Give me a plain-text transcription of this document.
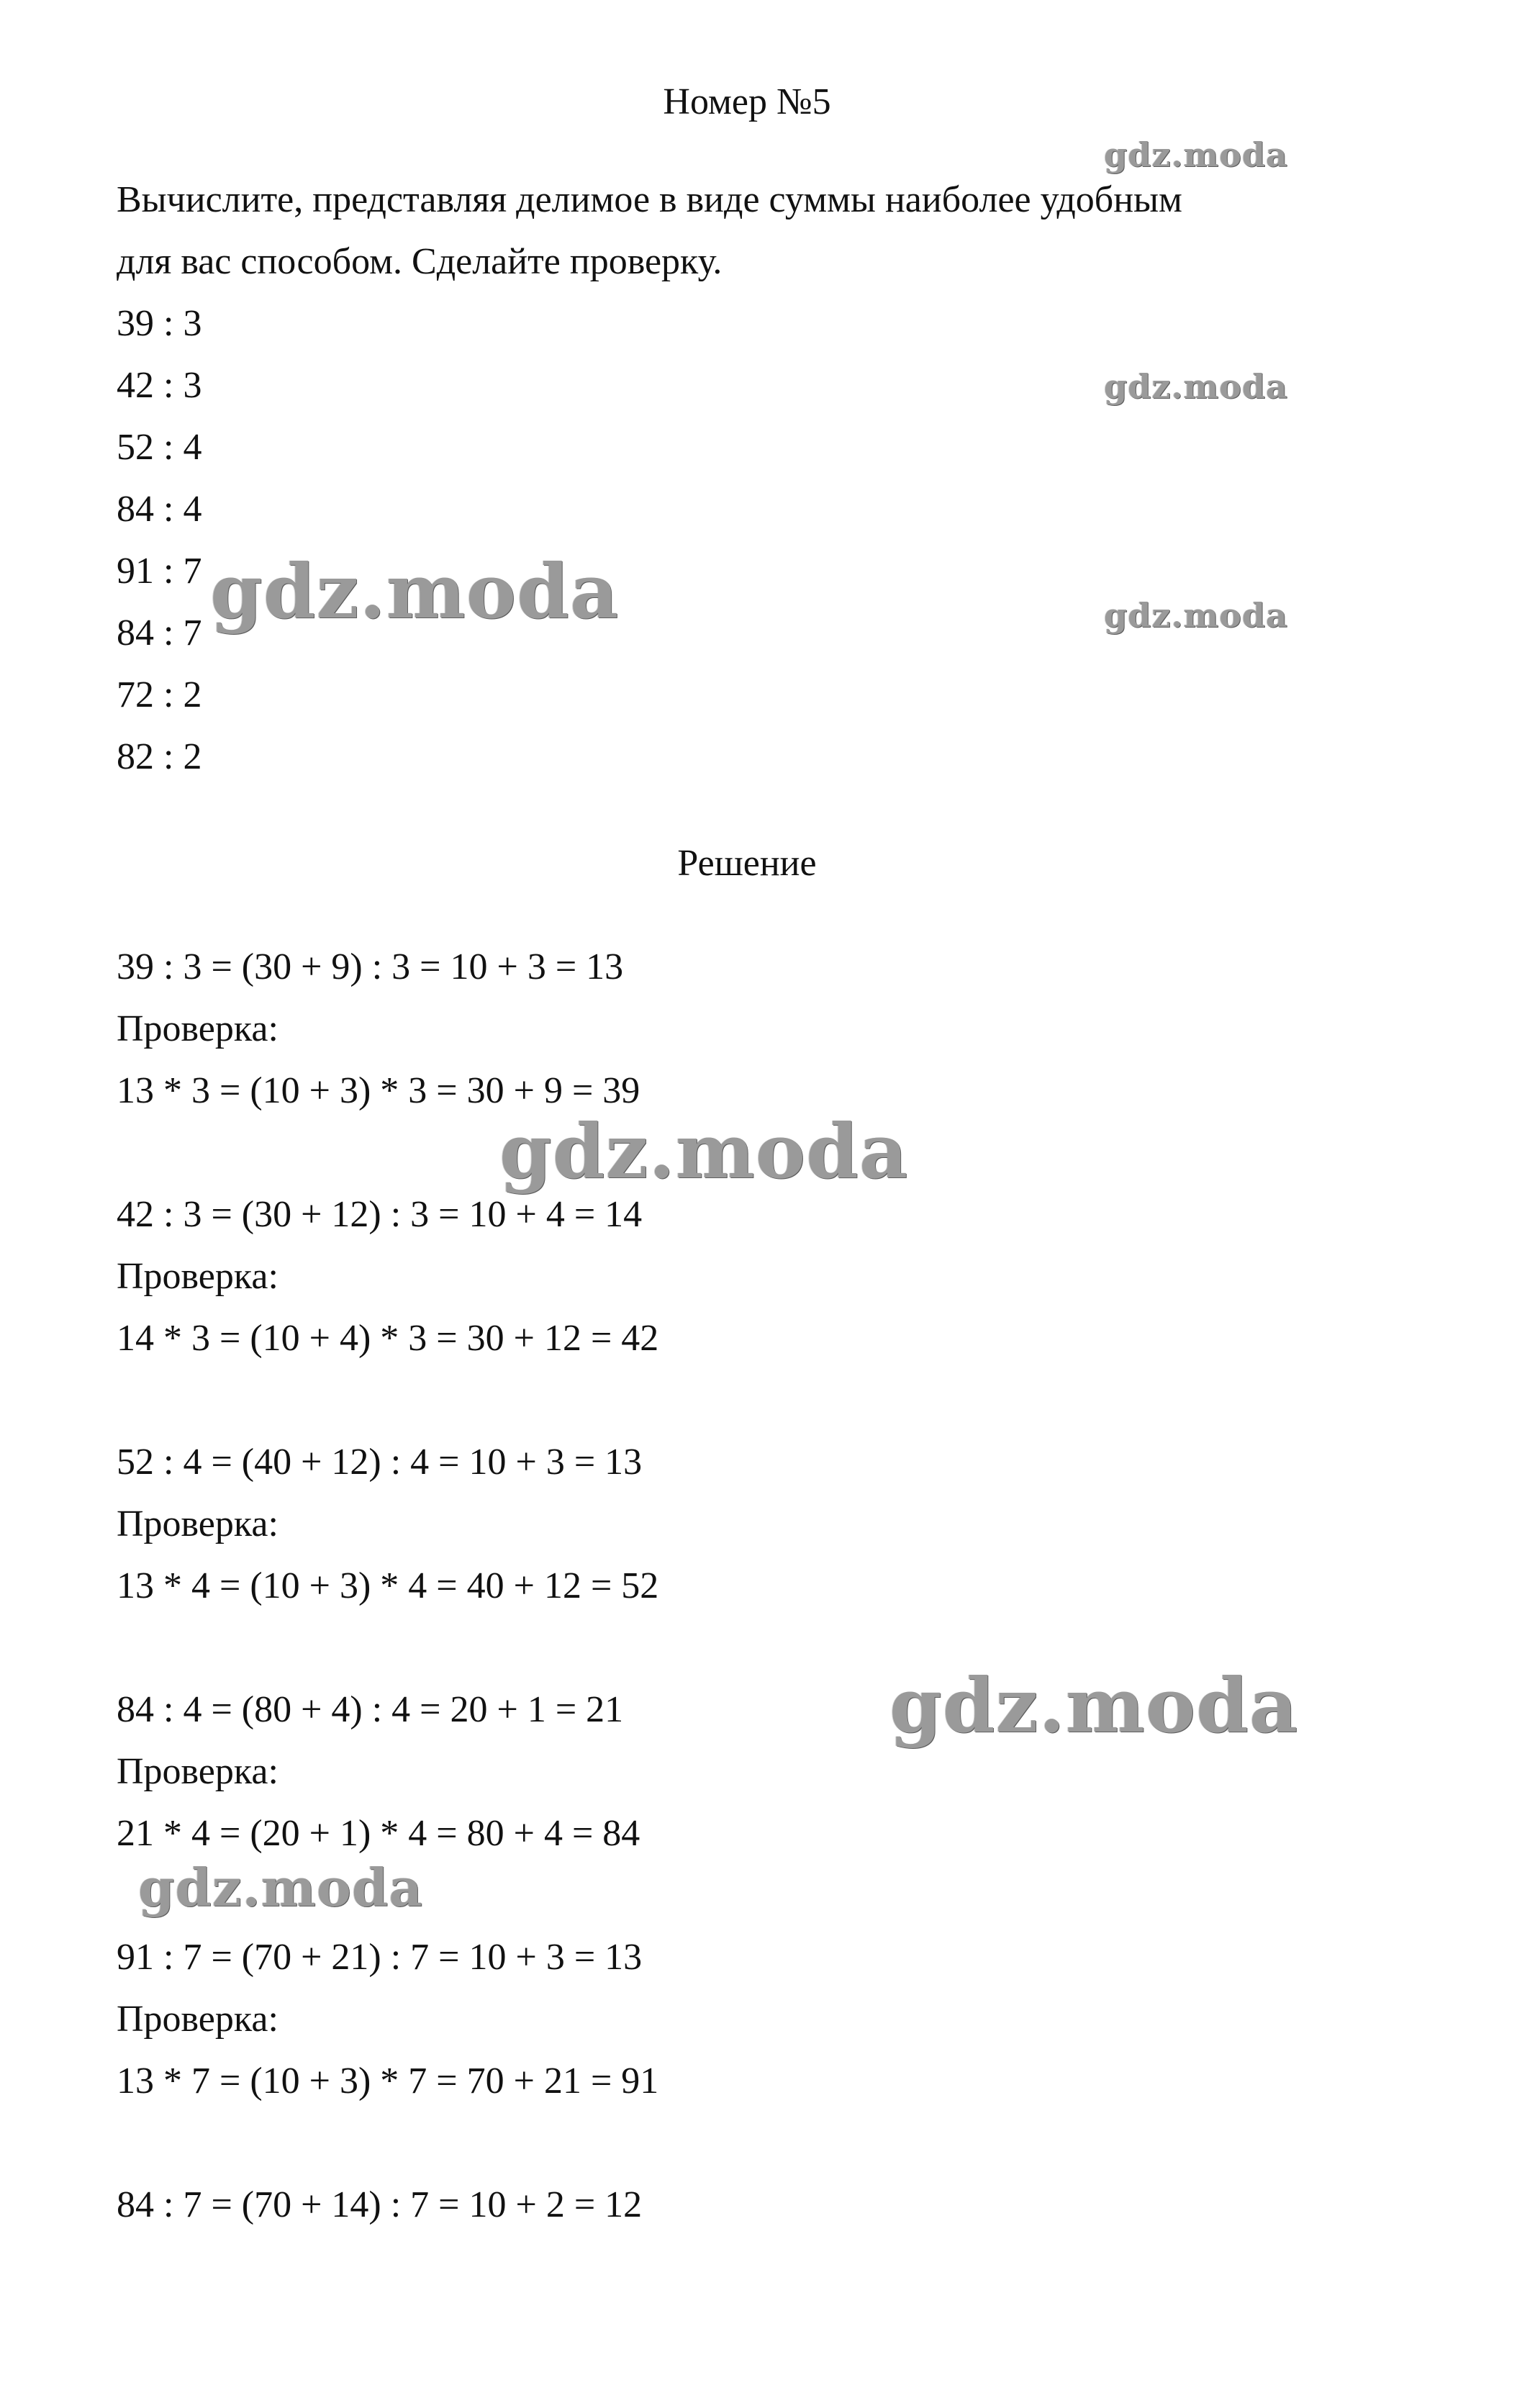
Номер №5
Вычислите, представляя делимое в виде суммы наиболее удобным
для вас способом. Сделайте проверку.
39 : 3
42 : 3
52 : 4
84 : 4
91 : 7
84 : 7
72 : 2
82 : 2
Решение
39 : 3 = (30 + 9) : 3 = 10 + 3 = 13
Проверка:
13 * 3 = (10 + 3) * 3 = 30 + 9 = 39
42 : 3 = (30 + 12) : 3 = 10 + 4 = 14
Проверка:
14 * 3 = (10 + 4) * 3 = 30 + 12 = 42
52 : 4 = (40 + 12) : 4 = 10 + 3 = 13
Проверка:
13 * 4 = (10 + 3) * 4 = 40 + 12 = 52
84 : 4 = (80 + 4) : 4 = 20 + 1 = 21
Проверка:
21 * 4 = (20 + 1) * 4 = 80 + 4 = 84
91 : 7 = (70 + 21) : 7 = 10 + 3 = 13
Проверка:
13 * 7 = (10 + 3) * 7 = 70 + 21 = 91
84 : 7 = (70 + 14) : 7 = 10 + 2 = 12
gdz.moda
gdz.moda
gdz.moda
gdz.moda
gdz.moda
gdz.moda
gdz.moda
